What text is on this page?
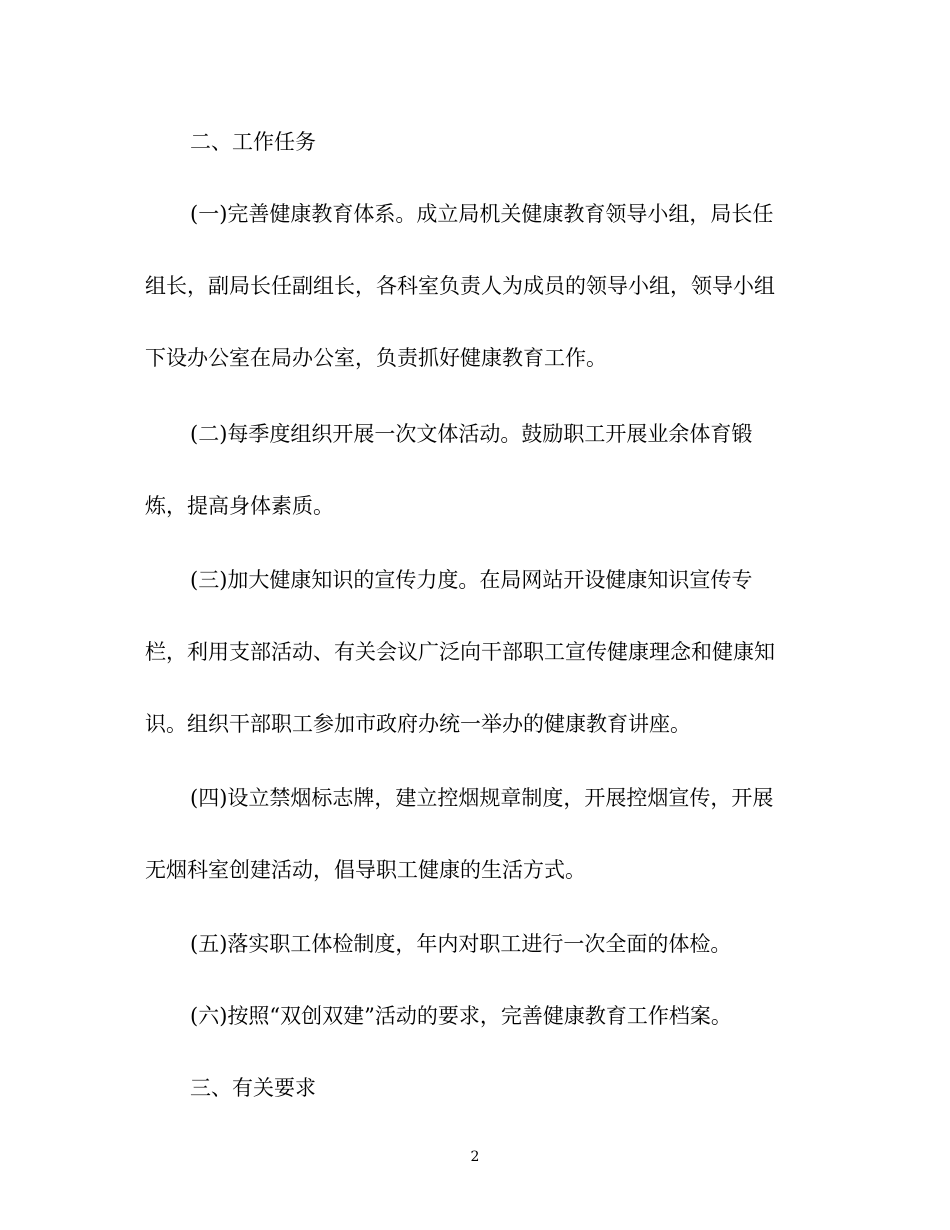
二、工作任务
(一)完善健康教育体系。成立局机关健康教育领导小组，局长任
组长，副局长任副组长，各科室负责人为成员的领导小组，领导小组
下设办公室在局办公室，负责抓好健康教育工作。
(二)每季度组织开展一次文体活动。鼓励职工开展业余体育锻
炼，提高身体素质。
(三)加大健康知识的宣传力度。在局网站开设健康知识宣传专
栏，利用支部活动、有关会议广泛向干部职工宣传健康理念和健康知
识。组织干部职工参加市政府办统一举办的健康教育讲座。
(四)设立禁烟标志牌，建立控烟规章制度，开展控烟宣传，开展
无烟科室创建活动，倡导职工健康的生活方式。
(五)落实职工体检制度，年内对职工进行一次全面的体检。
(六)按照“双创双建”活动的要求，完善健康教育工作档案。
三、有关要求
2
